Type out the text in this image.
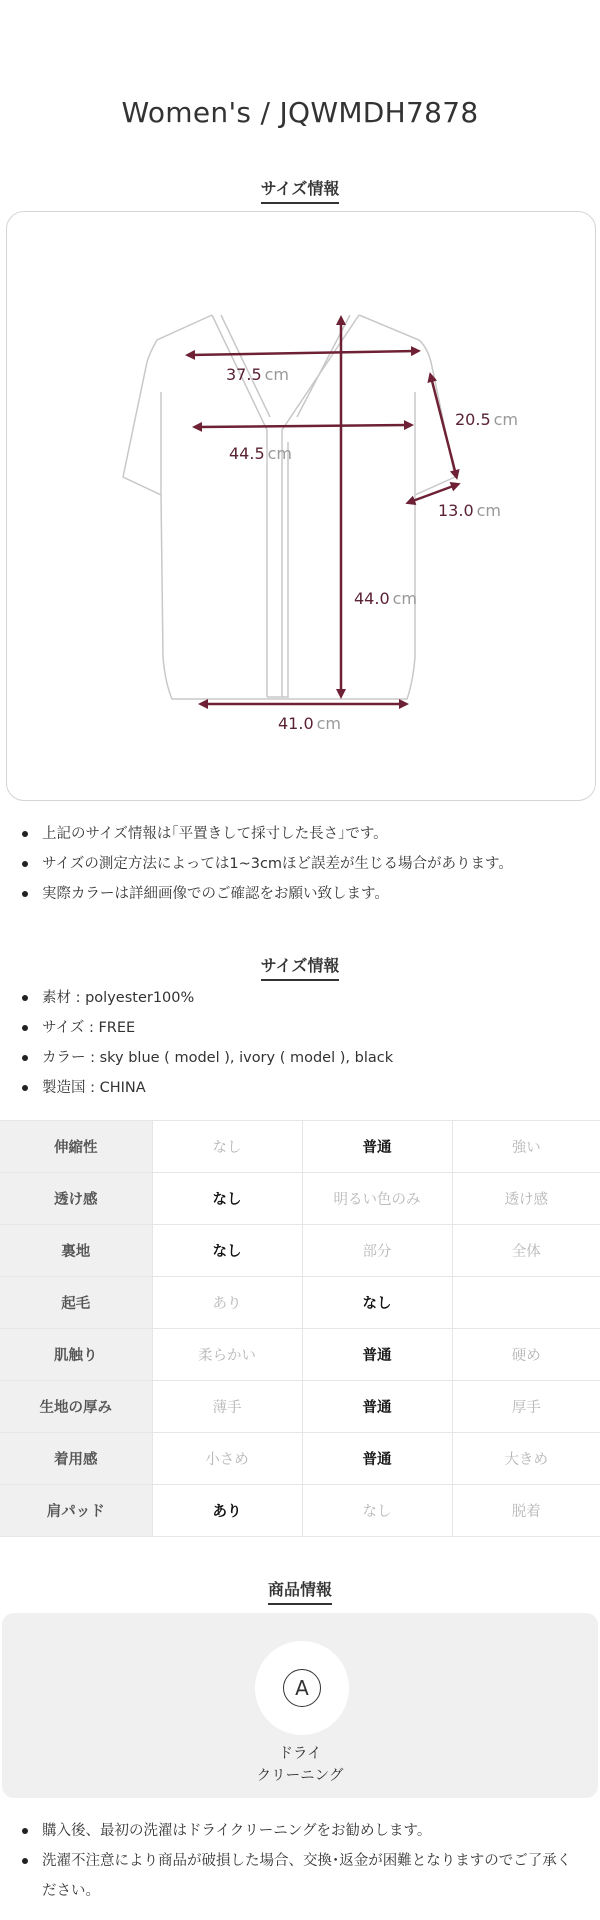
Women's / JQWMDH7878
サイズ情報
37.5 cm
44.5 cm
20.5 cm
13.0 cm
44.0 cm
41.0 cm
上記のサイズ情報は｢平置きして採寸した長さ｣です。
サイズの測定方法によっては1~3cmほど誤差が生じる場合があります。
実際カラーは詳細画像でのご確認をお願い致します。
サイズ情報
素材 : polyester100%
サイズ : FREE
カラー : sky blue ( model ), ivory ( model ), black
製造国 : CHINA
伸縮性	なし	普通	強い
透け感	なし	明るい色のみ	透け感
裏地	なし	部分	全体
起毛	あり	なし	
肌触り	柔らかい	普通	硬め
生地の厚み	薄手	普通	厚手
着用感	小さめ	普通	大きめ
肩パッド	あり	なし	脱着
商品情報
A
ドライ
クリーニング
購入後、最初の洗濯はドライクリーニングをお勧めします。
洗濯不注意により商品が破損した場合、交換･返金が困難となりますのでご了承ください。
